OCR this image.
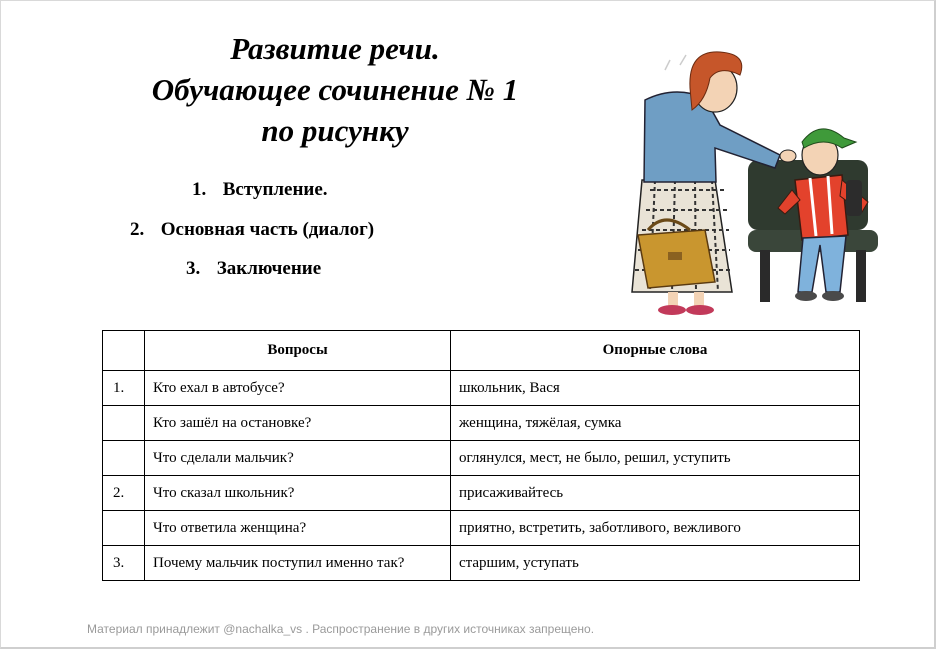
Развитие речи.
Обучающее сочинение № 1
по рисунку
1. Вступление.
2. Основная часть (диалог)
3. Заключение
	Вопросы	Опорные слова
1.	Кто ехал в автобусе?	школьник, Вася
	Кто зашёл на остановке?	женщина, тяжёлая, сумка
	Что сделали мальчик?	оглянулся, мест, не было, решил, уступить
2.	Что сказал школьник?	присаживайтесь
	Что ответила женщина?	приятно, встретить, заботливого, вежливого
3.	Почему мальчик поступил именно так?	старшим, уступать
Материал принадлежит @nachalka_vs . Распространение в других источниках запрещено.
